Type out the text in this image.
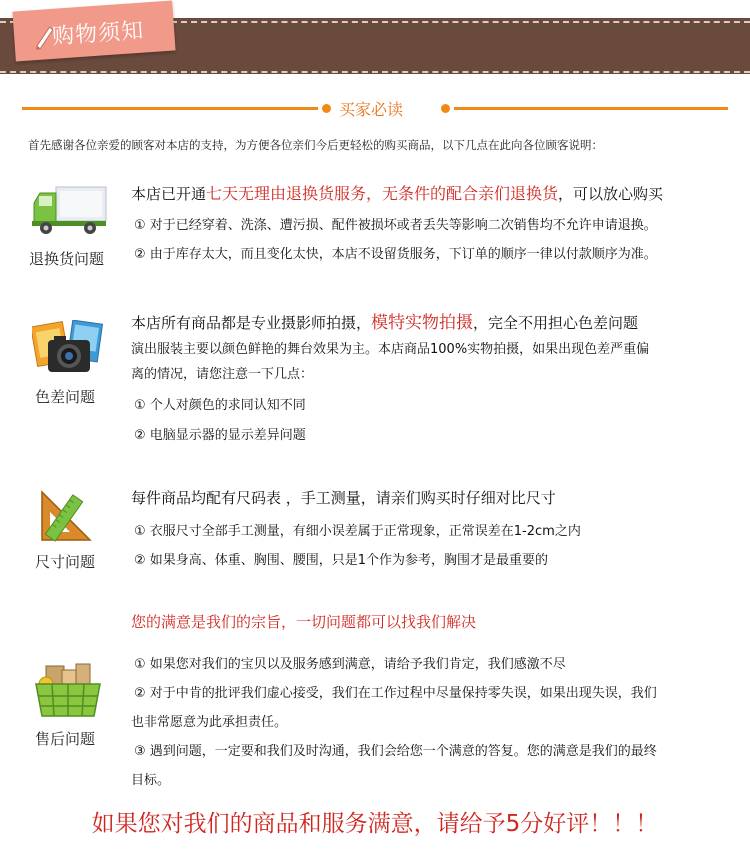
购物须知
买家必读
首先感谢各位亲爱的顾客对本店的支持，为方便各位亲们今后更轻松的购买商品，以下几点在此向各位顾客说明：
退换货问题
本店已开通七天无理由退换货服务，无条件的配合亲们退换货，可以放心购买
① 对于已经穿着、洗涤、遭污损、配件被损坏或者丢失等影响二次销售均不允许申请退换。
② 由于库存太大，而且变化太快，本店不设留货服务，下订单的顺序一律以付款顺序为准。
色差问题
本店所有商品都是专业摄影师拍摄，模特实物拍摄，完全不用担心色差问题
演出服装主要以颜色鲜艳的舞台效果为主。本店商品100%实物拍摄，如果出现色差严重偏
离的情况，请您注意一下几点：
① 个人对颜色的求同认知不同
② 电脑显示器的显示差异问题
尺寸问题
每件商品均配有尺码表 ，手工测量，请亲们购买时仔细对比尺寸
① 衣服尺寸全部手工测量，有细小误差属于正常现象，正常误差在1-2cm之内
② 如果身高、体重、胸围、腰围，只是1个作为参考，胸围才是最重要的
售后问题
您的满意是我们的宗旨，一切问题都可以找我们解决
① 如果您对我们的宝贝以及服务感到满意，请给予我们肯定，我们感激不尽
② 对于中肯的批评我们虚心接受，我们在工作过程中尽量保持零失误，如果出现失误，我们
也非常愿意为此承担责任。
③ 遇到问题，一定要和我们及时沟通，我们会给您一个满意的答复。您的满意是我们的最终
目标。
如果您对我们的商品和服务满意，请给予5分好评！！！
